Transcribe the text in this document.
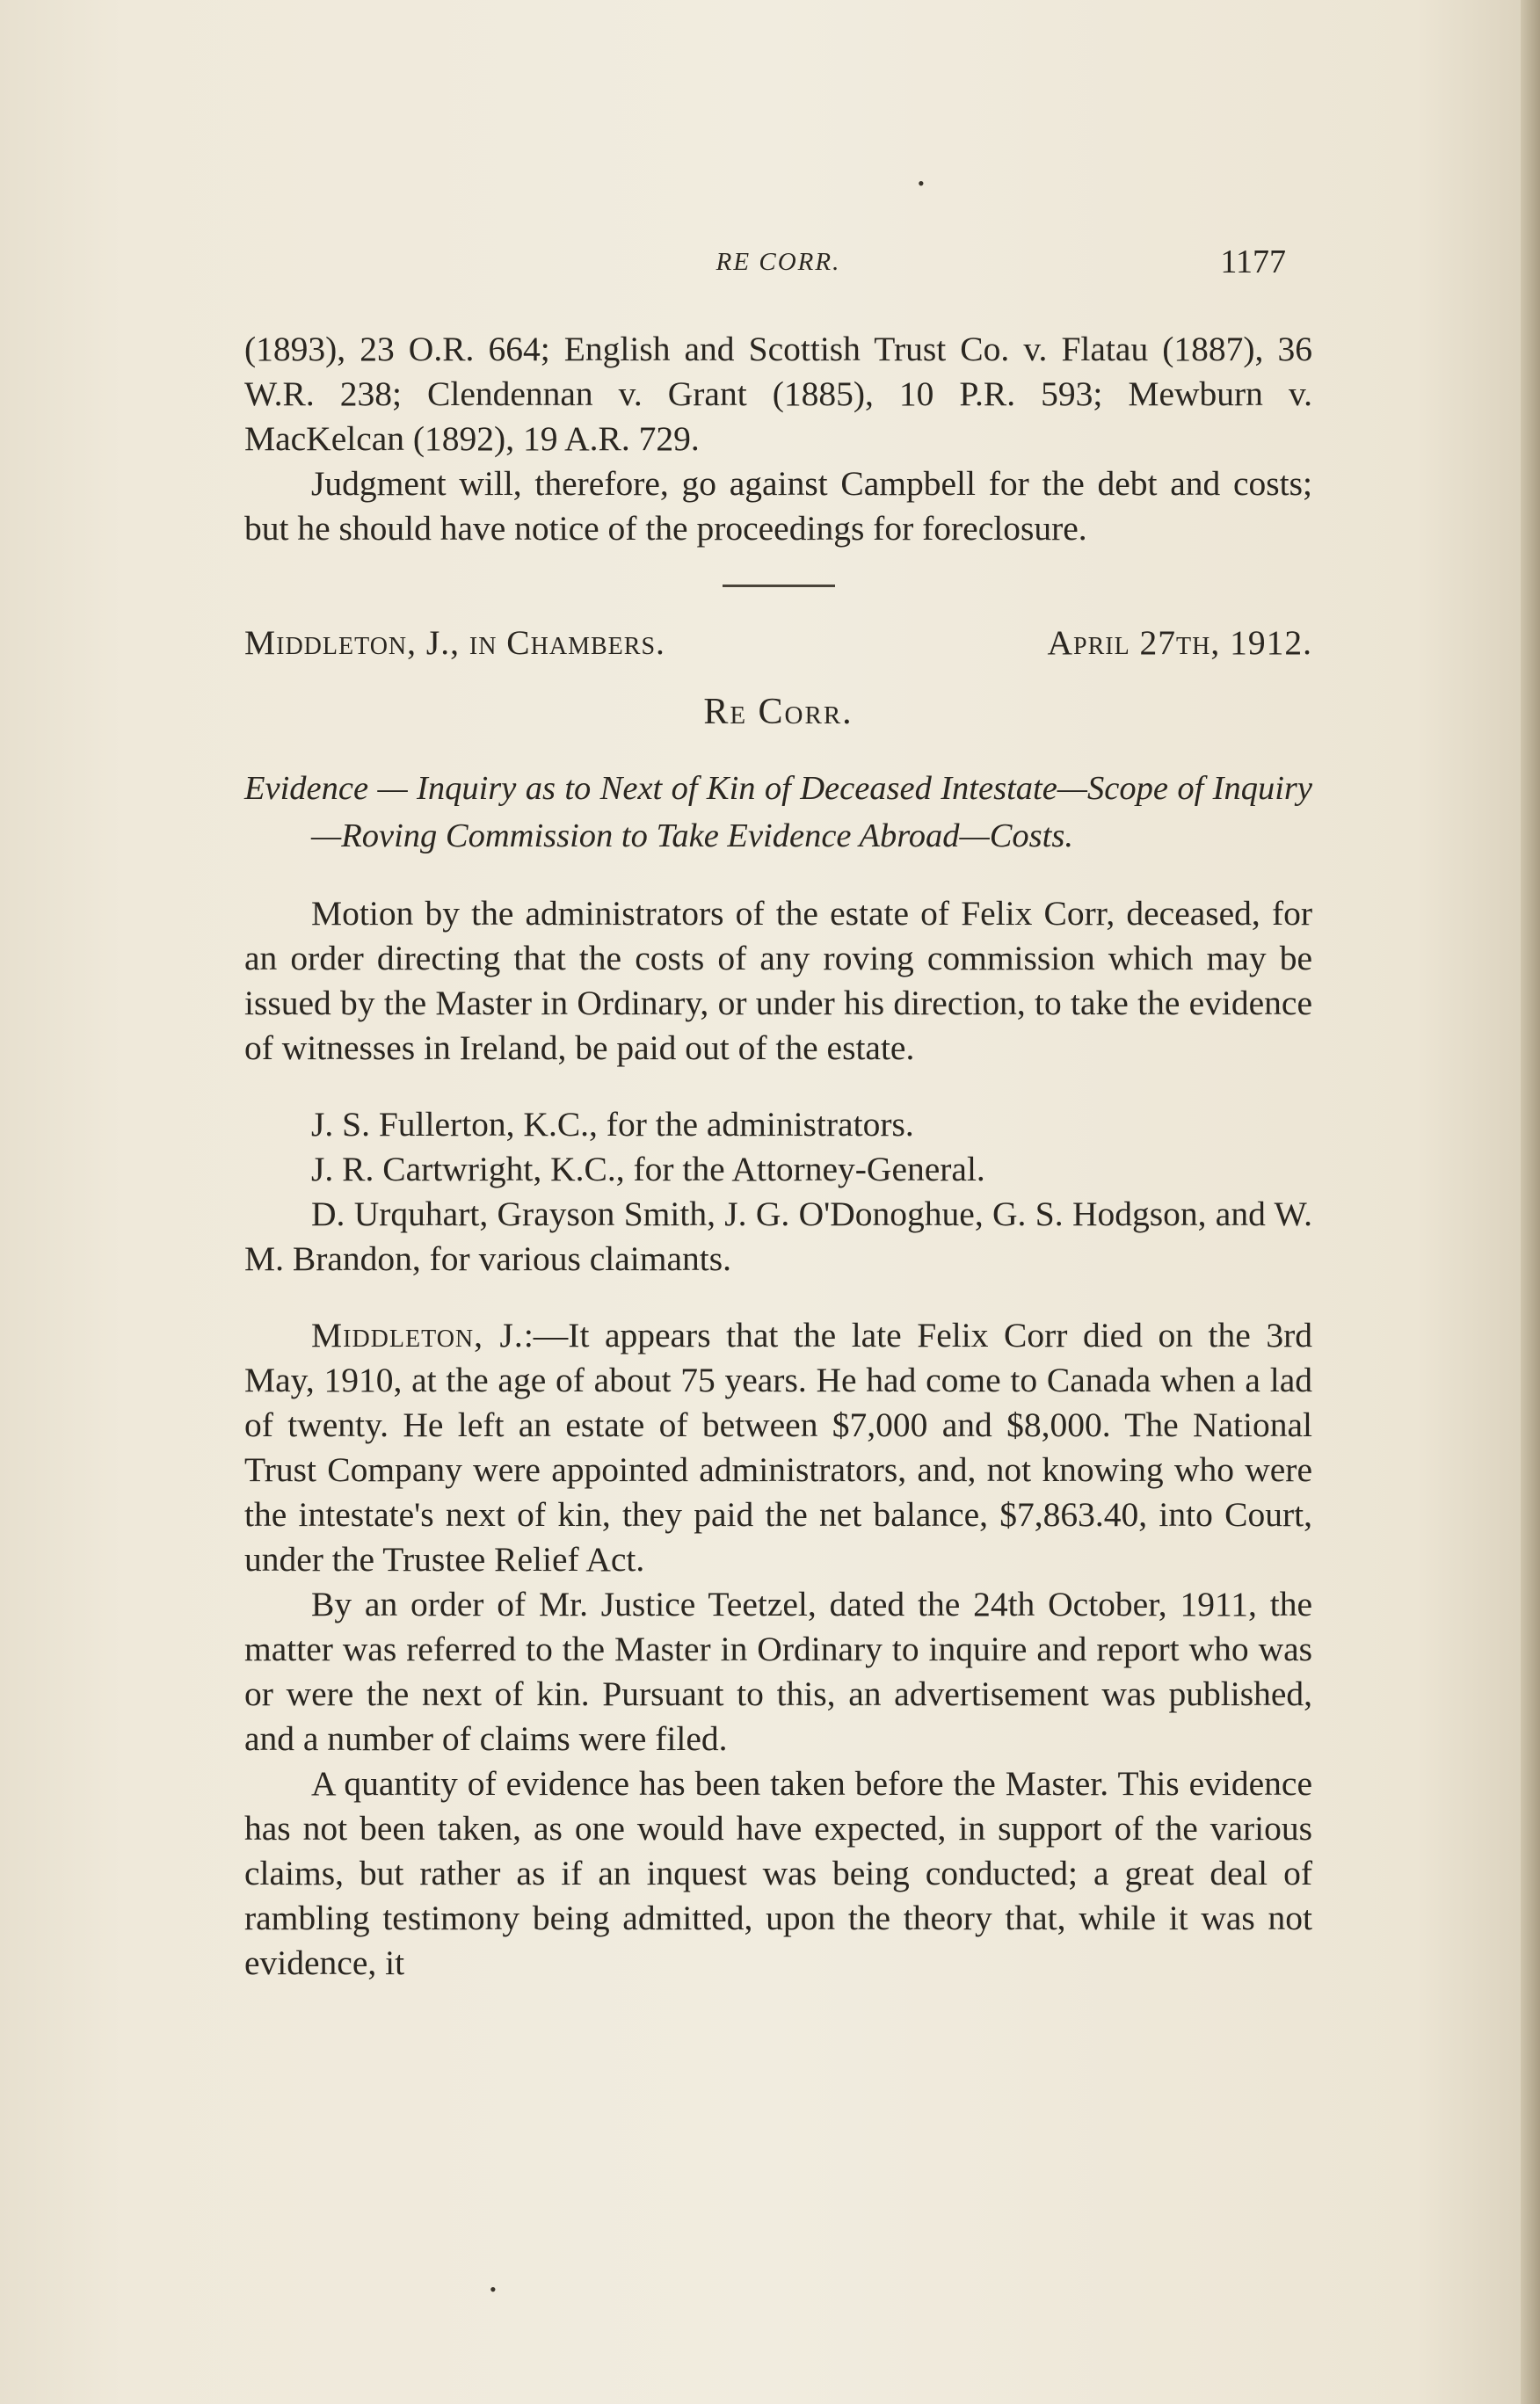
•
•
RE CORR.	1177

(1893), 23 O.R. 664; English and Scottish Trust Co. v. Flatau (1887), 36 W.R. 238; Clendennan v. Grant (1885), 10 P.R. 593; Mewburn v. MacKelcan (1892), 19 A.R. 729.

Judgment will, therefore, go against Campbell for the debt and costs; but he should have notice of the proceedings for foreclosure.

Middleton, J., in Chambers.	April 27th, 1912.
Re Corr.

Evidence — Inquiry as to Next of Kin of Deceased Intestate—Scope of Inquiry—Roving Commission to Take Evidence Abroad—Costs.

Motion by the administrators of the estate of Felix Corr, deceased, for an order directing that the costs of any roving commission which may be issued by the Master in Ordinary, or under his direction, to take the evidence of witnesses in Ireland, be paid out of the estate.

J. S. Fullerton, K.C., for the administrators.

J. R. Cartwright, K.C., for the Attorney-General.

D. Urquhart, Grayson Smith, J. G. O'Donoghue, G. S. Hodgson, and W. M. Brandon, for various claimants.

Middleton, J.:—It appears that the late Felix Corr died on the 3rd May, 1910, at the age of about 75 years. He had come to Canada when a lad of twenty. He left an estate of between $7,000 and $8,000. The National Trust Company were appointed administrators, and, not knowing who were the intestate's next of kin, they paid the net balance, $7,863.40, into Court, under the Trustee Relief Act.

By an order of Mr. Justice Teetzel, dated the 24th October, 1911, the matter was referred to the Master in Ordinary to inquire and report who was or were the next of kin. Pursuant to this, an advertisement was published, and a number of claims were filed.

A quantity of evidence has been taken before the Master. This evidence has not been taken, as one would have expected, in support of the various claims, but rather as if an inquest was being conducted; a great deal of rambling testimony being admitted, upon the theory that, while it was not evidence, it
